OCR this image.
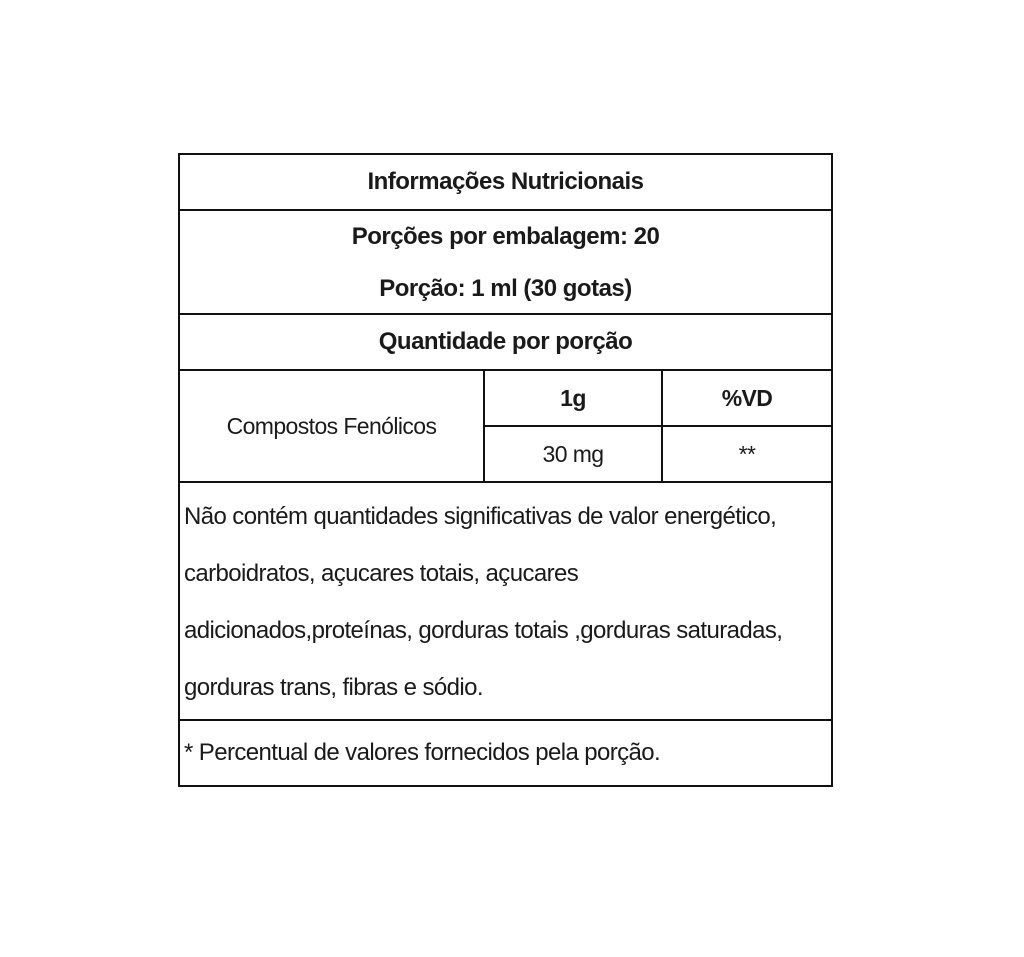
Informações Nutricionais
Porções por embalagem: 20
Porção: 1 ml (30 gotas)
Quantidade por porção
Compostos Fenólicos
1g	%VD
30 mg	**
Não contém quantidades significativas de valor energético,
carboidratos, açucares totais, açucares
adicionados,proteínas, gorduras totais ,gorduras saturadas,
gorduras trans, fibras e sódio.
* Percentual de valores fornecidos pela porção.
